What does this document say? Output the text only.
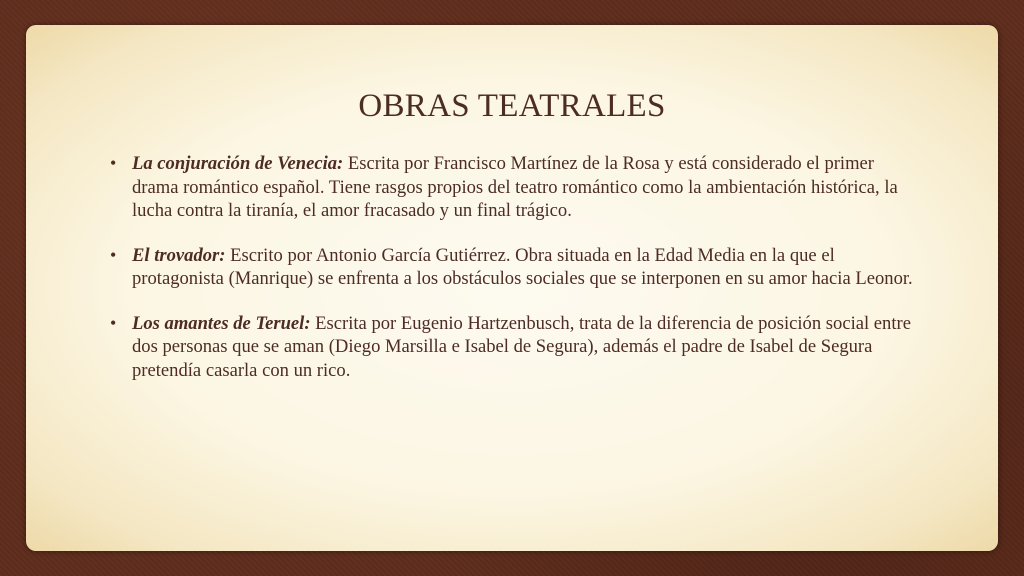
OBRAS TEATRALES
• La conjuración de Venecia: Escrita por Francisco Martínez de la Rosa y está considerado el primer drama romántico español. Tiene rasgos propios del teatro romántico como la ambientación histórica, la lucha contra la tiranía, el amor fracasado y un final trágico.
• El trovador: Escrito por Antonio García Gutiérrez. Obra situada en la Edad Media en la que el protagonista (Manrique) se enfrenta a los obstáculos sociales que se interponen en su amor hacia Leonor.
• Los amantes de Teruel: Escrita por Eugenio Hartzenbusch, trata de la diferencia de posición social entre dos personas que se aman (Diego Marsilla e Isabel de Segura), además el padre de Isabel de Segura pretendía casarla con un rico.
